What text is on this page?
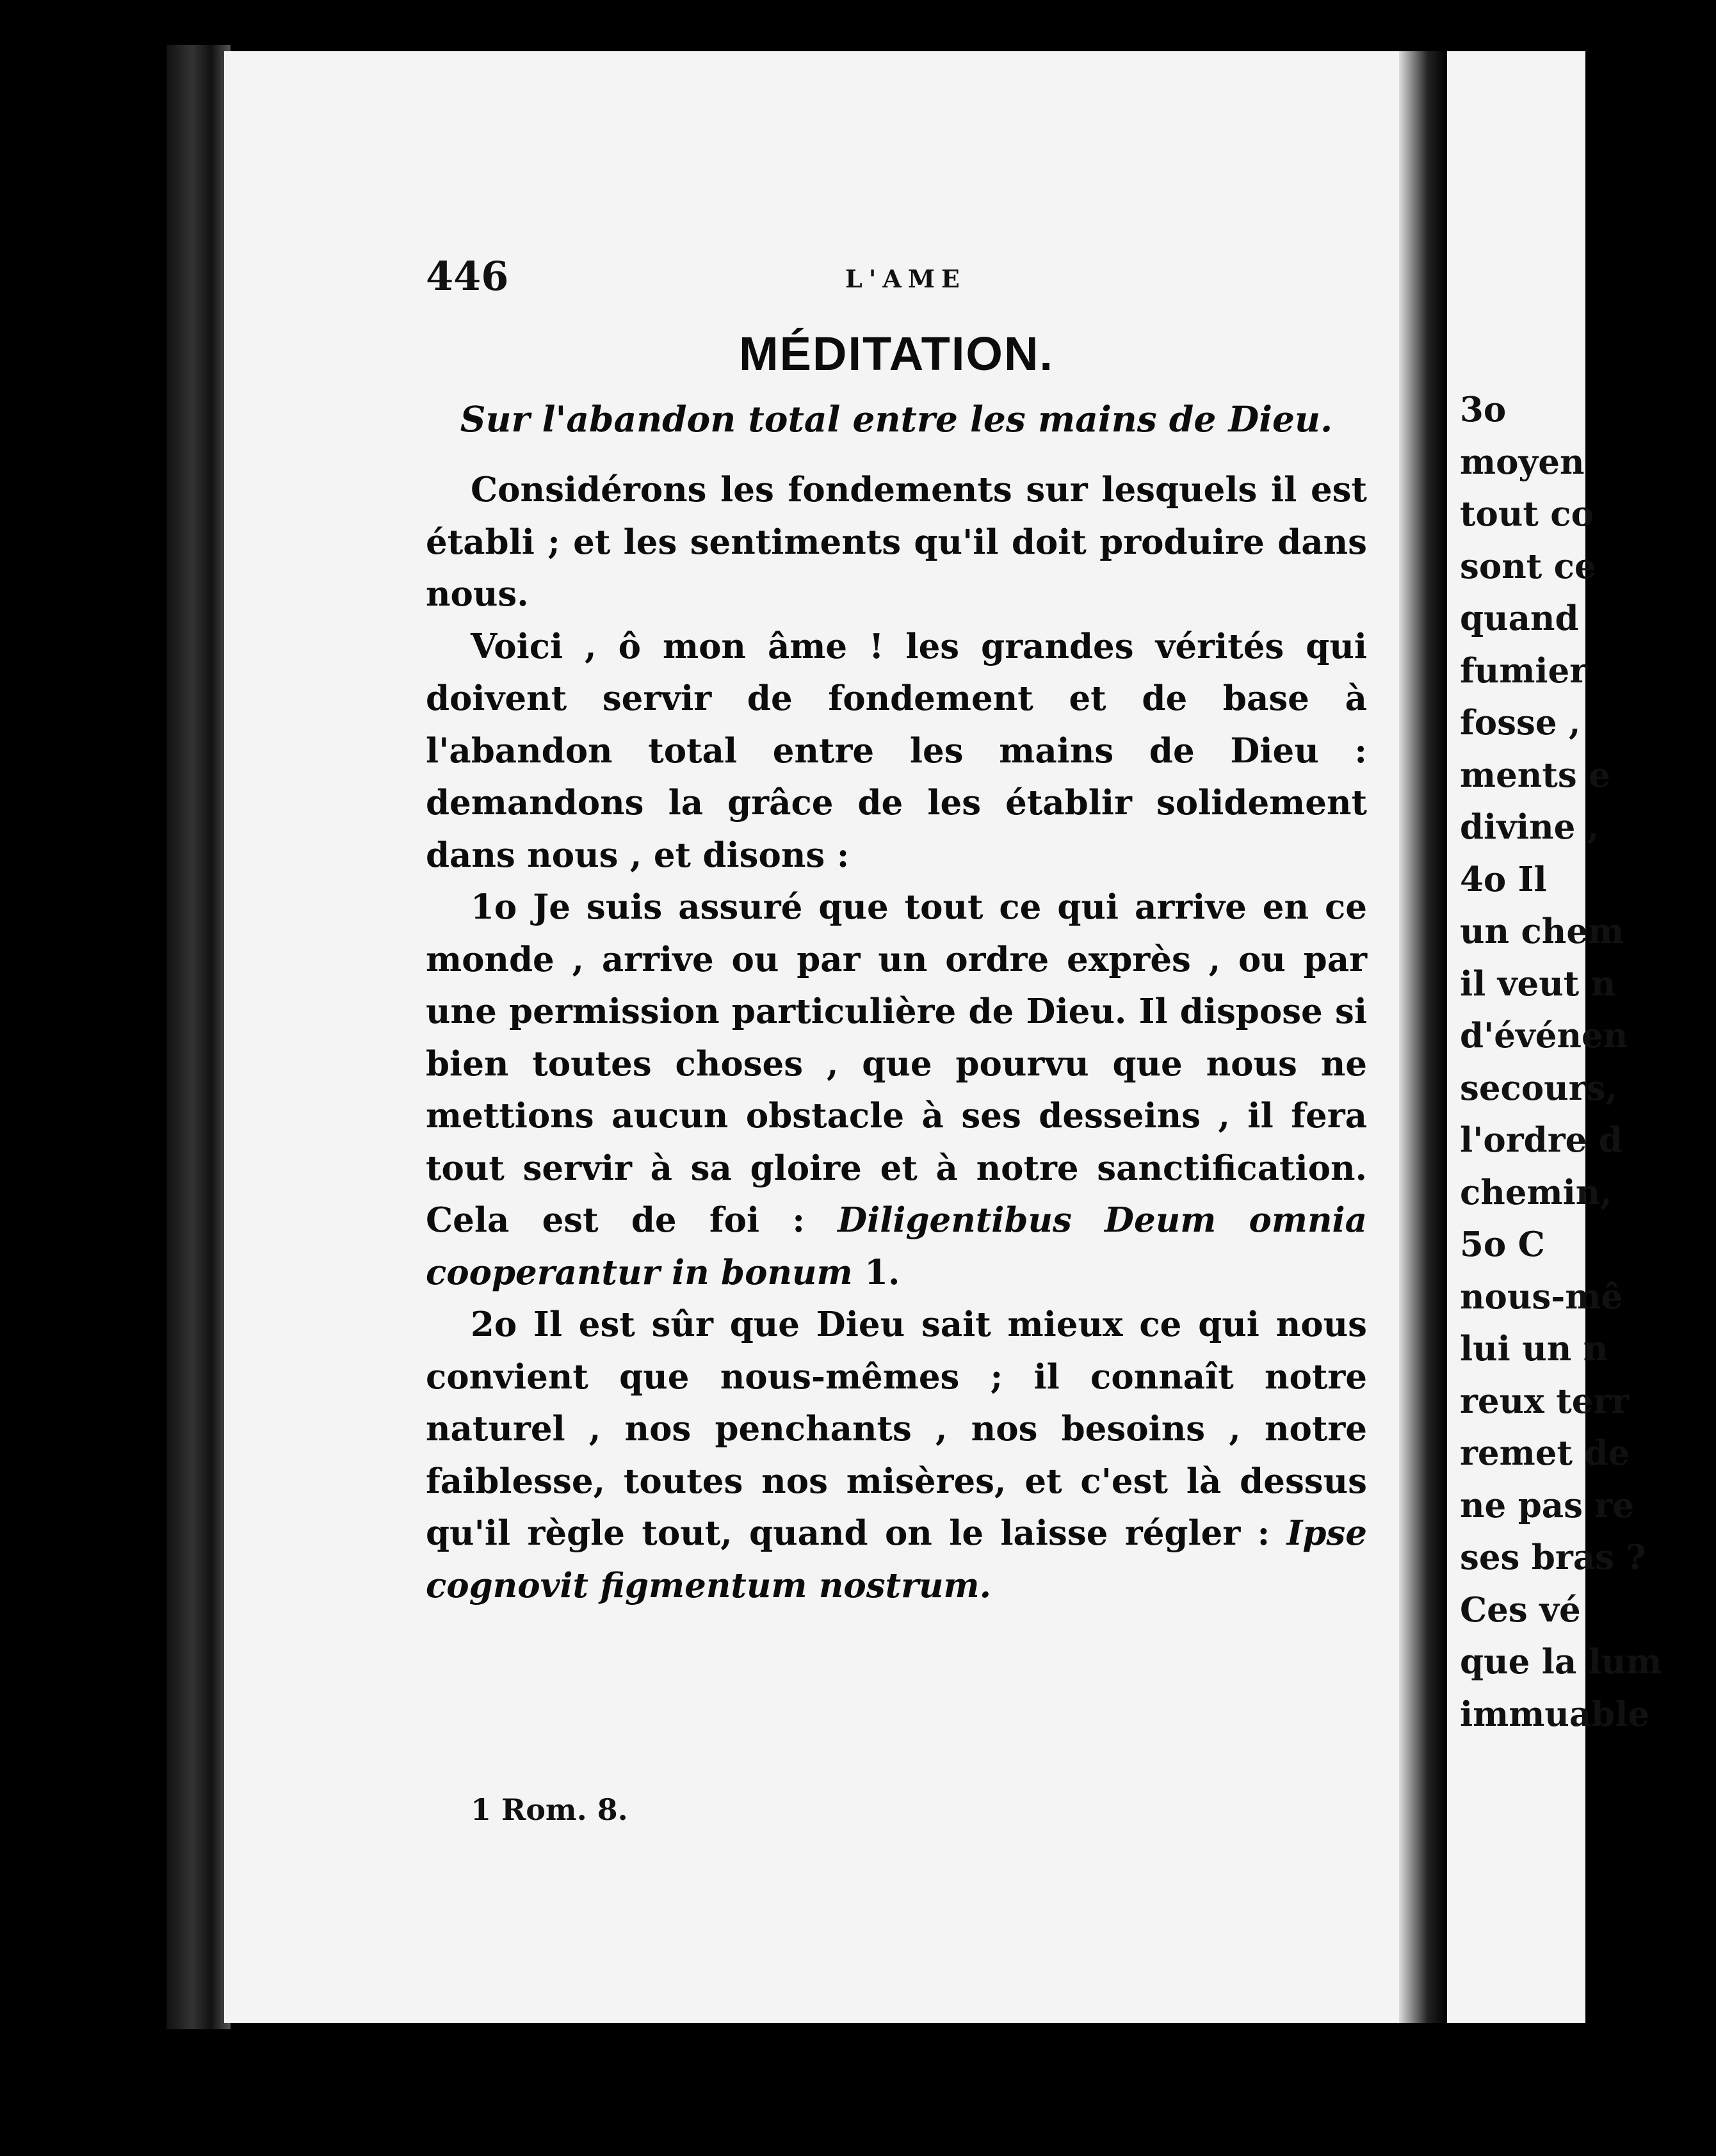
446	L'AME
MÉDITATION.
Sur l'abandon total entre les mains de Dieu.

Considérons les fondements sur lesquels il est établi ; et les sentiments qu'il doit produire dans nous.

Voici , ô mon âme ! les grandes vérités qui doivent servir de fondement et de base à l'abandon total entre les mains de Dieu : demandons la grâce de les établir solidement dans nous , et disons :

1o Je suis assuré que tout ce qui arrive en ce monde , arrive ou par un ordre exprès , ou par une permission particulière de Dieu. Il dispose si bien toutes choses , que pourvu que nous ne mettions aucun obstacle à ses desseins , il fera tout servir à sa gloire et à notre sanctification. Cela est de foi : Diligentibus Deum omnia cooperantur in bonum 1.

2o Il est sûr que Dieu sait mieux ce qui nous convient que nous-mêmes ; il connaît notre naturel , nos penchants , nos besoins , notre faiblesse, toutes nos misères, et c'est là dessus qu'il règle tout, quand on le laisse régler : Ipse cognovit figmentum nostrum.

1 Rom. 8.
3o
moyen
tout co
sont ce
quand
fumier
fosse ,
ments e
divine ,
4o Il
un chem
il veut n
d'événen
secours,
l'ordre d
chemin,
5o C
nous-mê
lui un n
reux terr
remet de
ne pas re
ses bras ?
Ces vé
que la lum
immuable
